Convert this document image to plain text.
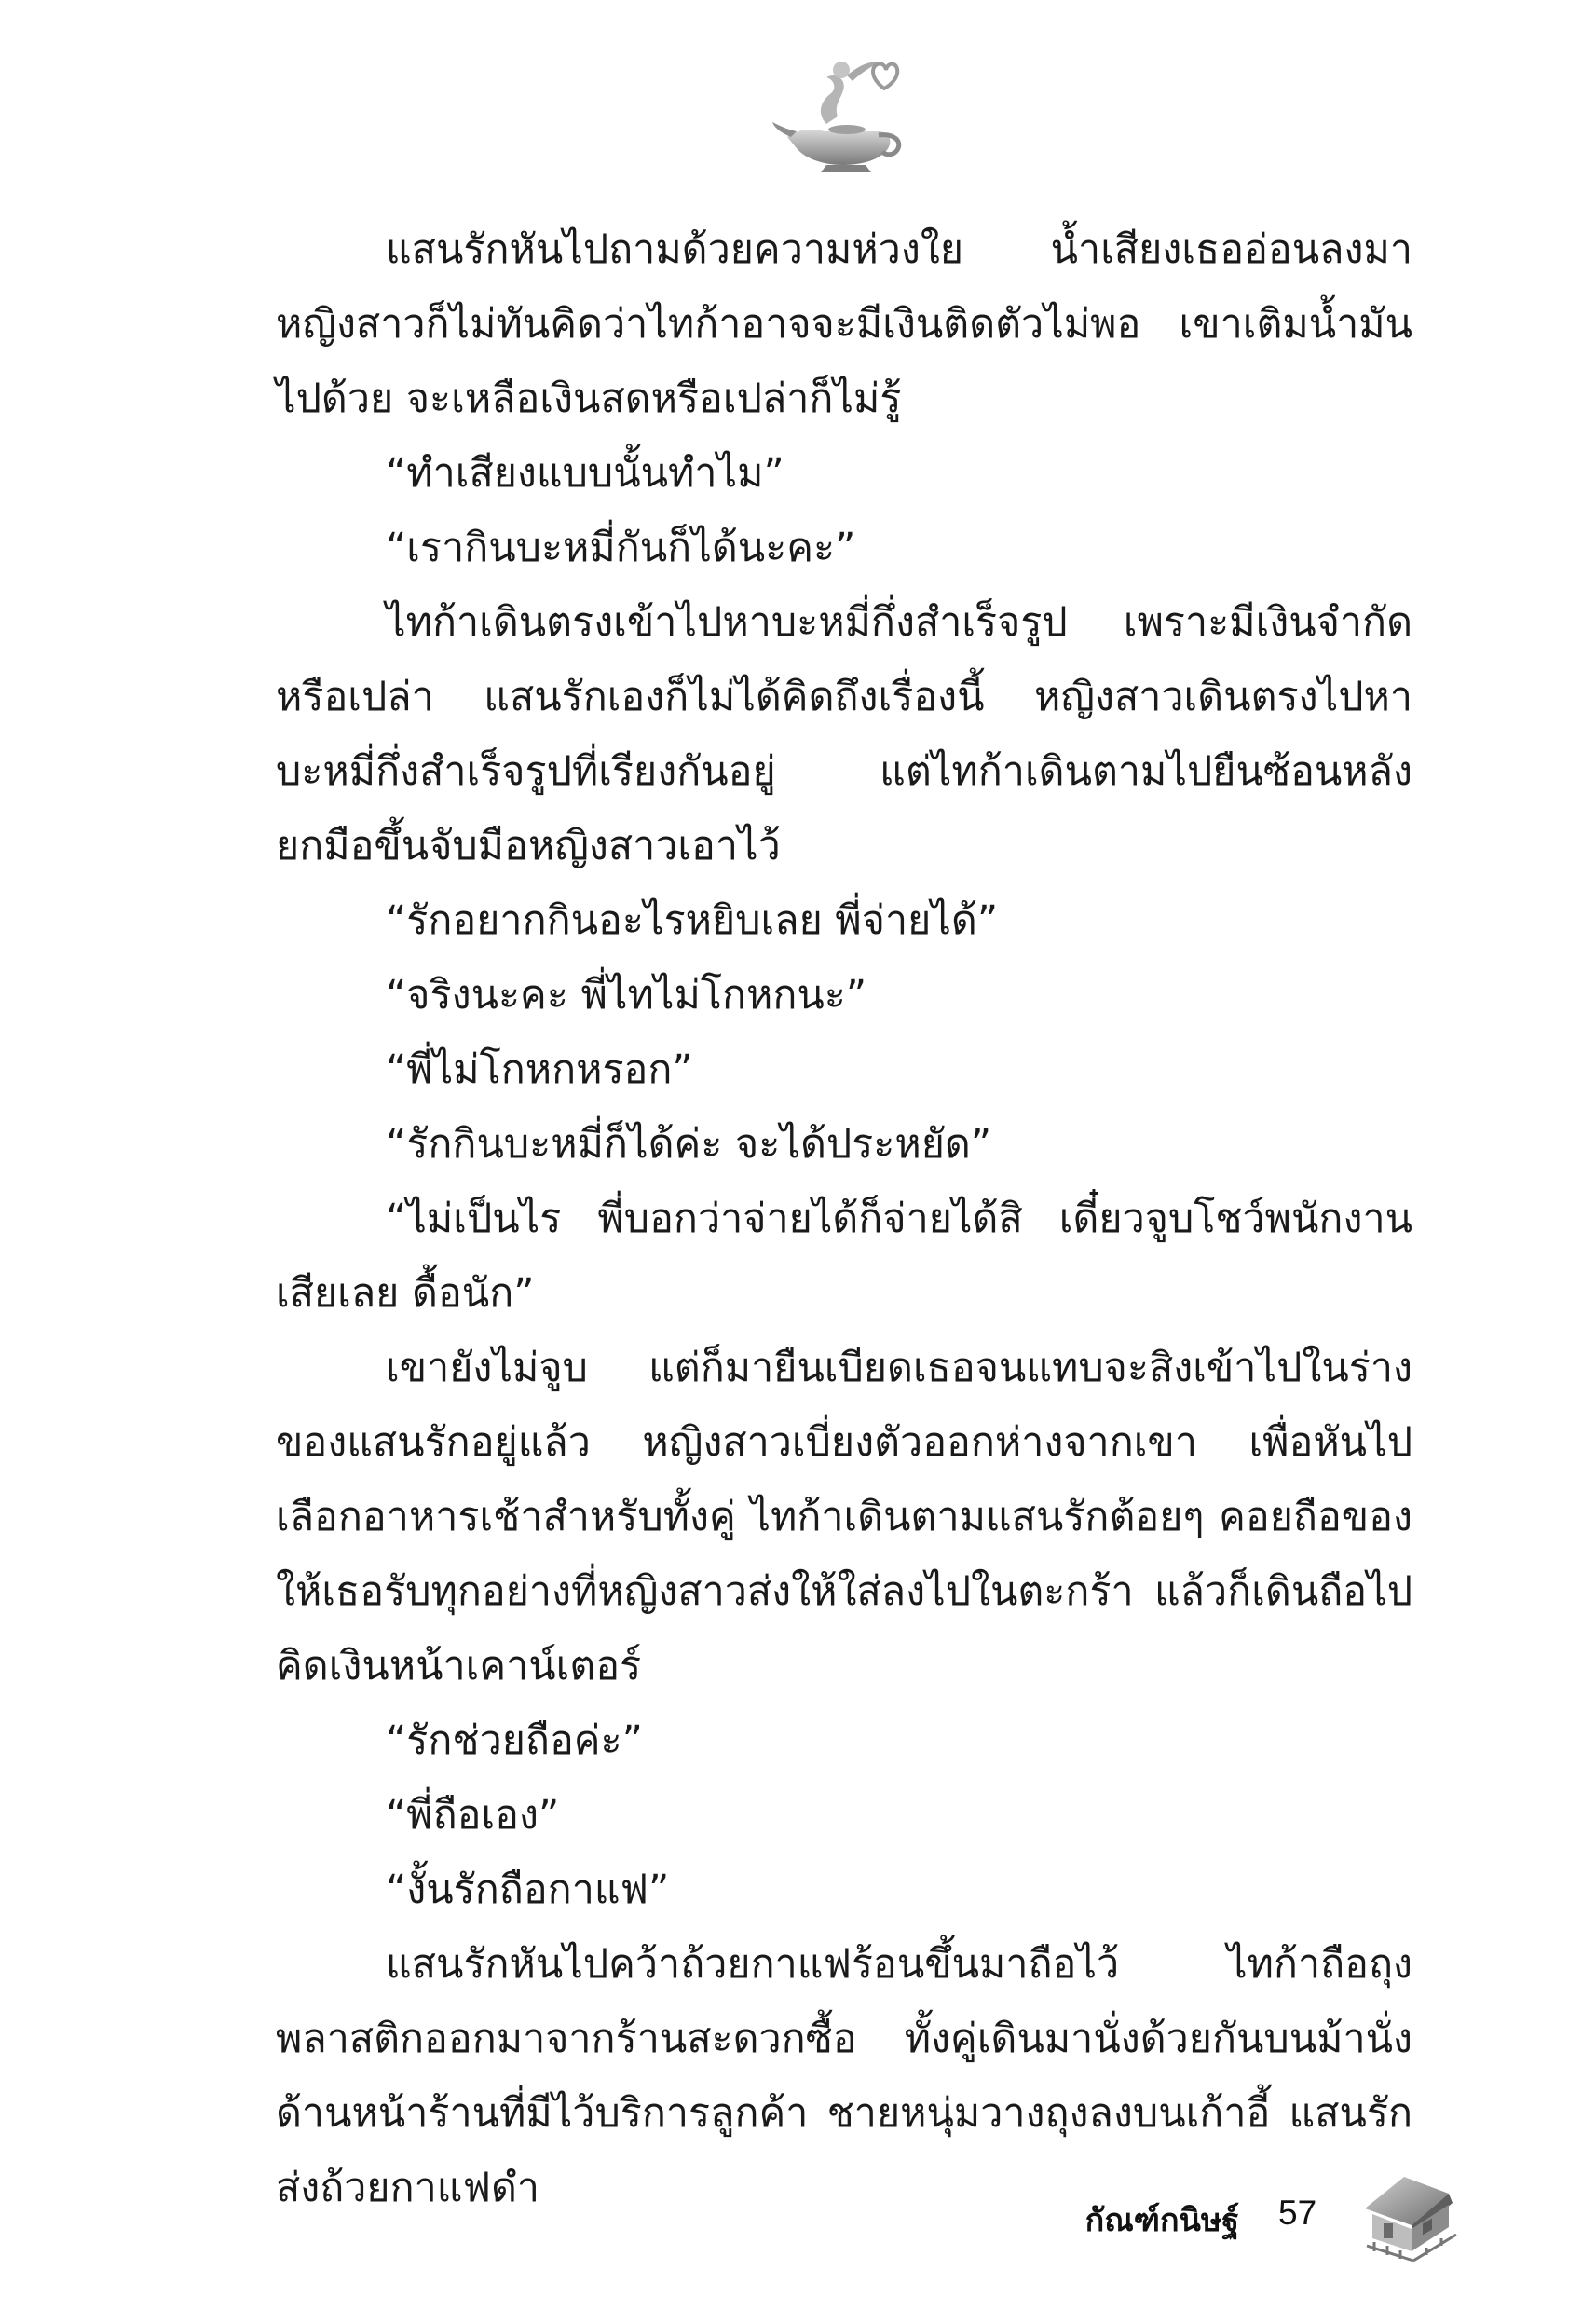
แสนรักหันไปถามด้วยความห่วงใย น้ำเสียงเธออ่อนลงมา หญิงสาวก็ไม่ทันคิดว่าไทก้าอาจจะมีเงินติดตัวไม่พอ เขาเติมน้ำมันไปด้วย จะเหลือเงินสดหรือเปล่าก็ไม่รู้

“ทำเสียงแบบนั้นทำไม”

“เรากินบะหมี่กันก็ได้นะคะ”

ไทก้าเดินตรงเข้าไปหาบะหมี่กึ่งสำเร็จรูป เพราะมีเงินจำกัดหรือเปล่า แสนรักเองก็ไม่ได้คิดถึงเรื่องนี้ หญิงสาวเดินตรงไปหาบะหมี่กึ่งสำเร็จรูปที่เรียงกันอยู่ แต่ไทก้าเดินตามไปยืนซ้อนหลัง ยกมือขึ้นจับมือหญิงสาวเอาไว้

“รักอยากกินอะไรหยิบเลย พี่จ่ายได้”

“จริงนะคะ พี่ไทไม่โกหกนะ”

“พี่ไม่โกหกหรอก”

“รักกินบะหมี่ก็ได้ค่ะ จะได้ประหยัด”

“ไม่เป็นไร พี่บอกว่าจ่ายได้ก็จ่ายได้สิ เดี๋ยวจูบโชว์พนักงานเสียเลย ดื้อนัก”

เขายังไม่จูบ แต่ก็มายืนเบียดเธอจนแทบจะสิงเข้าไปในร่างของแสนรักอยู่แล้ว หญิงสาวเบี่ยงตัวออกห่างจากเขา เพื่อหันไปเลือกอาหารเช้าสำหรับทั้งคู่ ไทก้าเดินตามแสนรักต้อยๆ คอยถือของให้เธอรับทุกอย่างที่หญิงสาวส่งให้ใส่ลงไปในตะกร้า แล้วก็เดินถือไปคิดเงินหน้าเคาน์เตอร์

“รักช่วยถือค่ะ”

“พี่ถือเอง”

“งั้นรักถือกาแฟ”

แสนรักหันไปคว้าถ้วยกาแฟร้อนขึ้นมาถือไว้ ไทก้าถือถุงพลาสติกออกมาจากร้านสะดวกซื้อ ทั้งคู่เดินมานั่งด้วยกันบนม้านั่งด้านหน้าร้านที่มีไว้บริการลูกค้า ชายหนุ่มวางถุงลงบนเก้าอี้ แสนรักส่งถ้วยกาแฟดำ

กัณฑ์กนิษฐ์ 57
